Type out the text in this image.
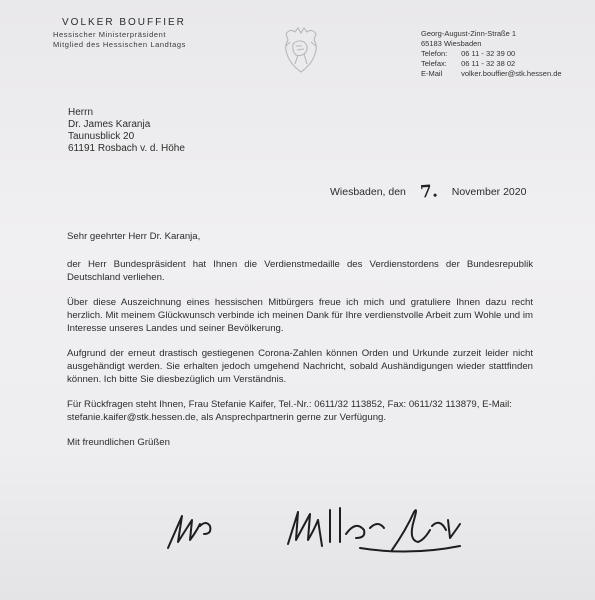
VOLKER BOUFFIER
Hessischer Ministerpräsident
Mitglied des Hessischen Landtags
Georg-August-Zinn-Straße 1
65183 Wiesbaden
Telefon: 06 11 - 32 39 00
Telefax: 06 11 - 32 38 02
E-Mail	volker.bouffier@stk.hessen.de
Herrn
Dr. James Karanja
Taunusblick 20
61191 Rosbach v. d. Höhe
Wiesbaden, den 7. November 2020
Sehr geehrter Herr Dr. Karanja,
der Herr Bundespräsident hat Ihnen die Verdienstmedaille des Verdienstordens der Bundesrepublik Deutschland verliehen.
Über diese Auszeichnung eines hessischen Mitbürgers freue ich mich und gratuliere Ihnen dazu recht herzlich. Mit meinem Glückwunsch verbinde ich meinen Dank für Ihre verdienstvolle Arbeit zum Wohle und im Interesse unseres Landes und seiner Bevölkerung.
Aufgrund der erneut drastisch gestiegenen Corona-Zahlen können Orden und Urkunde zurzeit leider nicht ausgehändigt werden. Sie erhalten jedoch umgehend Nachricht, sobald Aushändigungen wieder stattfinden können. Ich bitte Sie diesbezüglich um Verständnis.
Für Rückfragen steht Ihnen, Frau Stefanie Kaifer, Tel.-Nr.: 0611/32 113852, Fax: 0611/32 113879, E-Mail: stefanie.kaifer@stk.hessen.de, als Ansprechpartnerin gerne zur Verfügung.
Mit freundlichen Grüßen
